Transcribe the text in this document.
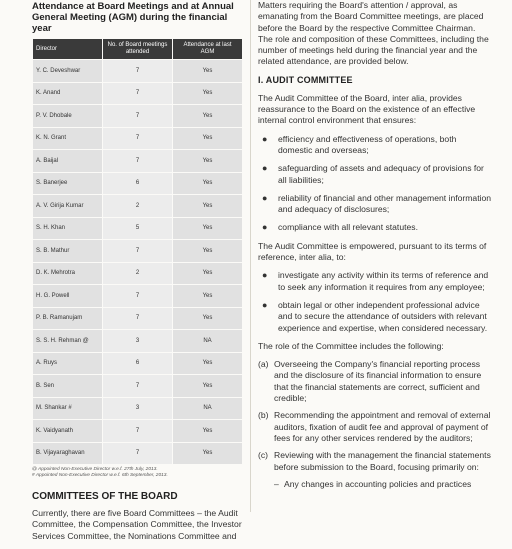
Attendance at Board Meetings and at Annual General Meeting (AGM) during the financial year
Director	No. of Board meetings attended	Attendance at last AGM
Y. C. Deveshwar	7	Yes
K. Anand	7	Yes
P. V. Dhobale	7	Yes
K. N. Grant	7	Yes
A. Baijal	7	Yes
S. Banerjee	6	Yes
A. V. Girija Kumar	2	Yes
S. H. Khan	5	Yes
S. B. Mathur	7	Yes
D. K. Mehrotra	2	Yes
H. G. Powell	7	Yes
P. B. Ramanujam	7	Yes
S. S. H. Rehman @	3	NA
A. Ruys	6	Yes
B. Sen	7	Yes
M. Shankar #	3	NA
K. Vaidyanath	7	Yes
B. Vijayaraghavan	7	Yes
@ Appointed Non-Executive Director w.e.f. 27th July, 2013.
# Appointed Non-Executive Director w.e.f. 6th September, 2013.
COMMITTEES OF THE BOARD

Currently, there are five Board Committees – the Audit Committee, the Compensation Committee, the Investor Services Committee, the Nominations Committee and

Matters requiring the Board's attention / approval, as emanating from the Board Committee meetings, are placed before the Board by the respective Committee Chairman. The role and composition of these Committees, including the number of meetings held during the financial year and the related attendance, are provided below.

I. AUDIT COMMITTEE

The Audit Committee of the Board, inter alia, provides reassurance to the Board on the existence of an effective internal control environment that ensures:

● efficiency and effectiveness of operations, both domestic and overseas;
● safeguarding of assets and adequacy of provisions for all liabilities;
● reliability of financial and other management information and adequacy of disclosures;
● compliance with all relevant statutes.

The Audit Committee is empowered, pursuant to its terms of reference, inter alia, to:

● investigate any activity within its terms of reference and to seek any information it requires from any employee;
● obtain legal or other independent professional advice and to secure the attendance of outsiders with relevant experience and expertise, when considered necessary.

The role of the Committee includes the following:

(a) Overseeing the Company's financial reporting process and the disclosure of its financial information to ensure that the financial statements are correct, sufficient and credible;
(b) Recommending the appointment and removal of external auditors, fixation of audit fee and approval of payment of fees for any other services rendered by the auditors;
(c) Reviewing with the management the financial statements before submission to the Board, focusing primarily on:
– Any changes in accounting policies and practices
